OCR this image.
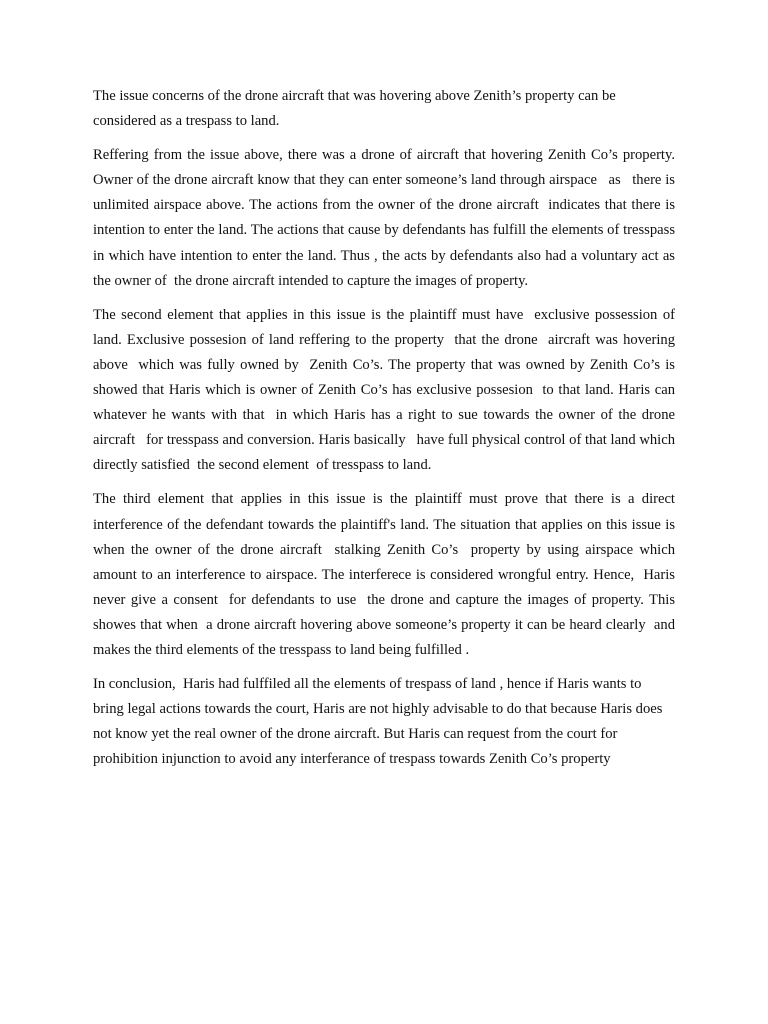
The issue concerns of the drone aircraft that was hovering above Zenith’s property can be considered as a trespass to land.

Reffering from the issue above, there was a drone of aircraft that hovering Zenith Co’s property. Owner of the drone aircraft know that they can enter someone’s land through airspace   as   there is unlimited airspace above. The actions from the owner of the drone aircraft  indicates that there is intention to enter the land. The actions that cause by defendants has fulfill the elements of tresspass in which have intention to enter the land. Thus , the acts by defendants also had a voluntary act as the owner of  the drone aircraft intended to capture the images of property.

The second element that applies in this issue is the plaintiff must have  exclusive possession of land. Exclusive possesion of land reffering to the property  that the drone  aircraft was hovering above  which was fully owned by  Zenith Co’s. The property that was owned by Zenith Co’s is showed that Haris which is owner of Zenith Co’s has exclusive possesion  to that land. Haris can  whatever he wants with that  in which Haris has a right to sue towards the owner of the drone aircraft   for tresspass and conversion. Haris basically   have full physical control of that land which directly satisfied  the second element  of tresspass to land.

The third element that applies in this issue is the plaintiff must prove that there is a direct interference of the defendant towards the plaintiff's land. The situation that applies on this issue is when the owner of the drone aircraft  stalking Zenith Co’s  property by using airspace which amount to an interference to airspace. The interferece is considered wrongful entry. Hence,  Haris never give a consent  for defendants to use  the drone and capture the images of property. This showes that when  a drone aircraft hovering above someone’s property it can be heard clearly  and makes the third elements of the tresspass to land being fulfilled .

In conclusion,  Haris had fulffiled all the elements of trespass of land , hence if Haris wants to bring legal actions towards the court, Haris are not highly advisable to do that because Haris does not know yet the real owner of the drone aircraft. But Haris can request from the court for prohibition injunction to avoid any interferance of trespass towards Zenith Co’s property
